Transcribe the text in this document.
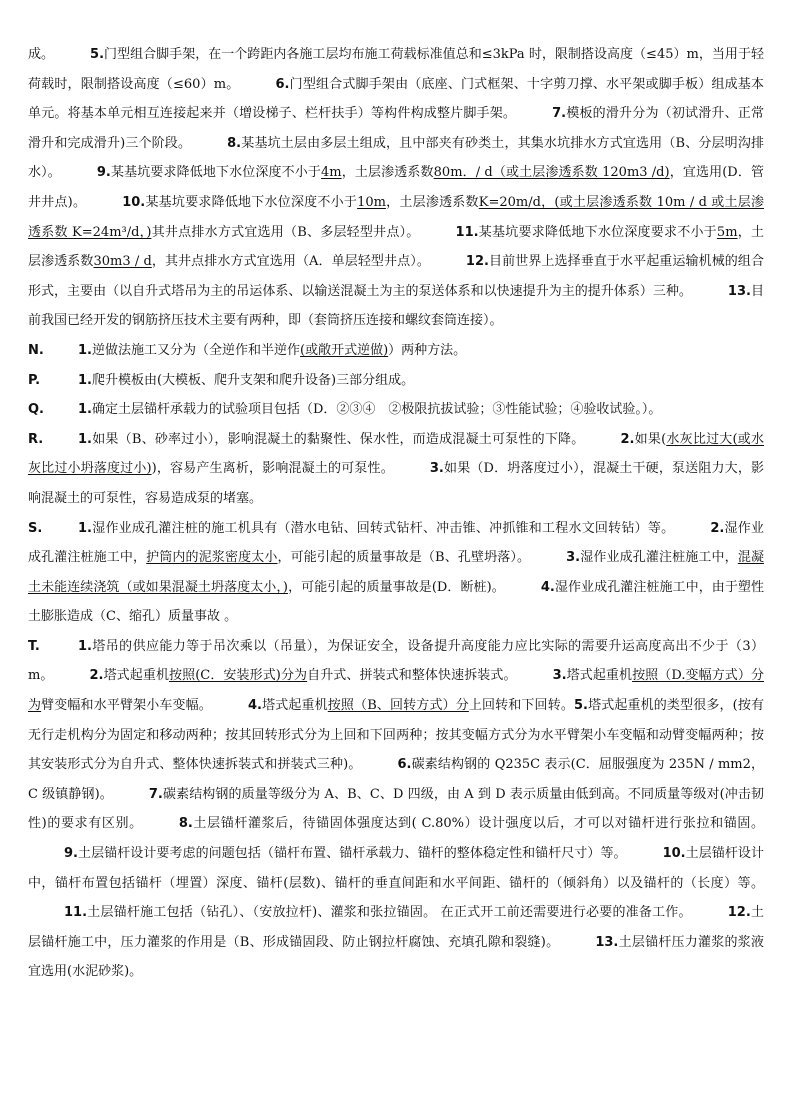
成。	5.门型组合脚手架，在一个跨距内各施工层均布施工荷载标准值总和≤3kPa 时，限制搭设高度（≤45）m，当用于轻荷载时，限制搭设高度（≤60）m。	6.门型组合式脚手架由（底座、门式框架、十字剪刀撑、水平架或脚手板）组成基本单元。将基本单元相互连接起来并（增设梯子、栏杆扶手）等构件构成整片脚手架。	7.模板的滑升分为（初试滑升、正常滑升和完成滑升)三个阶段。	8.某基坑土层由多层土组成，且中部夹有砂类土，其集水坑排水方式宜选用（B、分层明沟排水）。	9.某基坑要求降低地下水位深度不小于4m，土层渗透系数80m．/ d（或土层渗透系数 120m3 /d)，宜选用(D．管井井点)。	10.某基坑要求降低地下水位深度不小于10m，土层渗透系数K=20m/d，(或土层渗透系数 10m / d 或土层渗透系数 K=24m³/d，)其井点排水方式宜选用（B、多层轻型井点）。	11.某基坑要求降低地下水位深度要求不小于5m，土层渗透系数30m3 / d，其井点排水方式宜选用（A．单层轻型井点）。	12.目前世界上选择垂直于水平起重运输机械的组合形式，主要由（以自升式塔吊为主的吊运体系、以输送混凝土为主的泵送体系和以快速提升为主的提升体系）三种。	13.目前我国已经开发的钢筋挤压技术主要有两种，即（套筒挤压连接和螺纹套筒连接）。
N.	1.逆做法施工又分为（全逆作和半逆作(或敞开式逆做)）两种方法。
P.	1.爬升模板由(大模板、爬升支架和爬升设备)三部分组成。
Q.	1.确定土层锚杆承载力的试验项目包括（D．②③④　②极限抗拔试验；③性能试验；④验收试验。）。
R.	1.如果（B、砂率过小），影响混凝土的黏聚性、保水性，而造成混凝土可泵性的下降。	2.如果(水灰比过大(或水灰比过小坍落度过小))，容易产生离析，影响混凝土的可泵性。	3.如果（D．坍落度过小），混凝土干硬，泵送阻力大，影响混凝土的可泵性，容易造成泵的堵塞。
S.	1.湿作业成孔灌注桩的施工机具有（潜水电钻、回转式钻杆、冲击锥、冲抓锥和工程水文回转钻）等。	2.湿作业成孔灌注桩施工中，护筒内的泥浆密度太小，可能引起的质量事故是（B、孔壁坍落）。	3.湿作业成孔灌注桩施工中，混凝土未能连续浇筑（或如果混凝土坍落度太小，)，可能引起的质量事故是(D．断桩)。	4.湿作业成孔灌注桩施工中，由于塑性土膨胀造成（C、缩孔）质量事故 。
T.	1.塔吊的供应能力等于吊次乘以（吊量），为保证安全，设备提升高度能力应比实际的需要升运高度高出不少于（3）m。	2.塔式起重机按照(C．安装形式)分为自升式、拼装式和整体快速拆装式。	3.塔式起重机按照（D.变幅方式）分为臂变幅和水平臂架小车变幅。	4.塔式起重机按照（B、回转方式）分上回转和下回转。5.塔式起重机的类型很多，(按有无行走机构分为固定和移动两种；按其回转形式分为上回和下回两种；按其变幅方式分为水平臂架小车变幅和动臂变幅两种；按其安装形式分为自升式、整体快速拆装式和拼装式三种)。	6.碳素结构钢的 Q235C 表示(C．屈服强度为 235N / mm2，C 级镇静钢)。	7.碳素结构钢的质量等级分为 A、B、C、D 四级，由 A 到 D 表示质量由低到高。不同质量等级对(冲击韧性)的要求有区别。	8.土层锚杆灌浆后，待锚固体强度达到( C.80%）设计强度以后，才可以对锚杆进行张拉和锚固。9.土层锚杆设计要考虑的问题包括（锚杆布置、锚杆承载力、锚杆的整体稳定性和锚杆尺寸）等。	10.土层锚杆设计中，锚杆布置包括锚杆（埋置）深度、锚杆(层数)、锚杆的垂直间距和水平间距、锚杆的（倾斜角）以及锚杆的（长度）等。11.土层锚杆施工包括（钻孔）、（安放拉杆)、灌浆和张拉锚固。 在正式开工前还需要进行必要的准备工作。	12.土层锚杆施工中，压力灌浆的作用是（B、形成锚固段、防止钢拉杆腐蚀、充填孔隙和裂缝)。	13.土层锚杆压力灌浆的浆液宜选用(水泥砂浆)。
